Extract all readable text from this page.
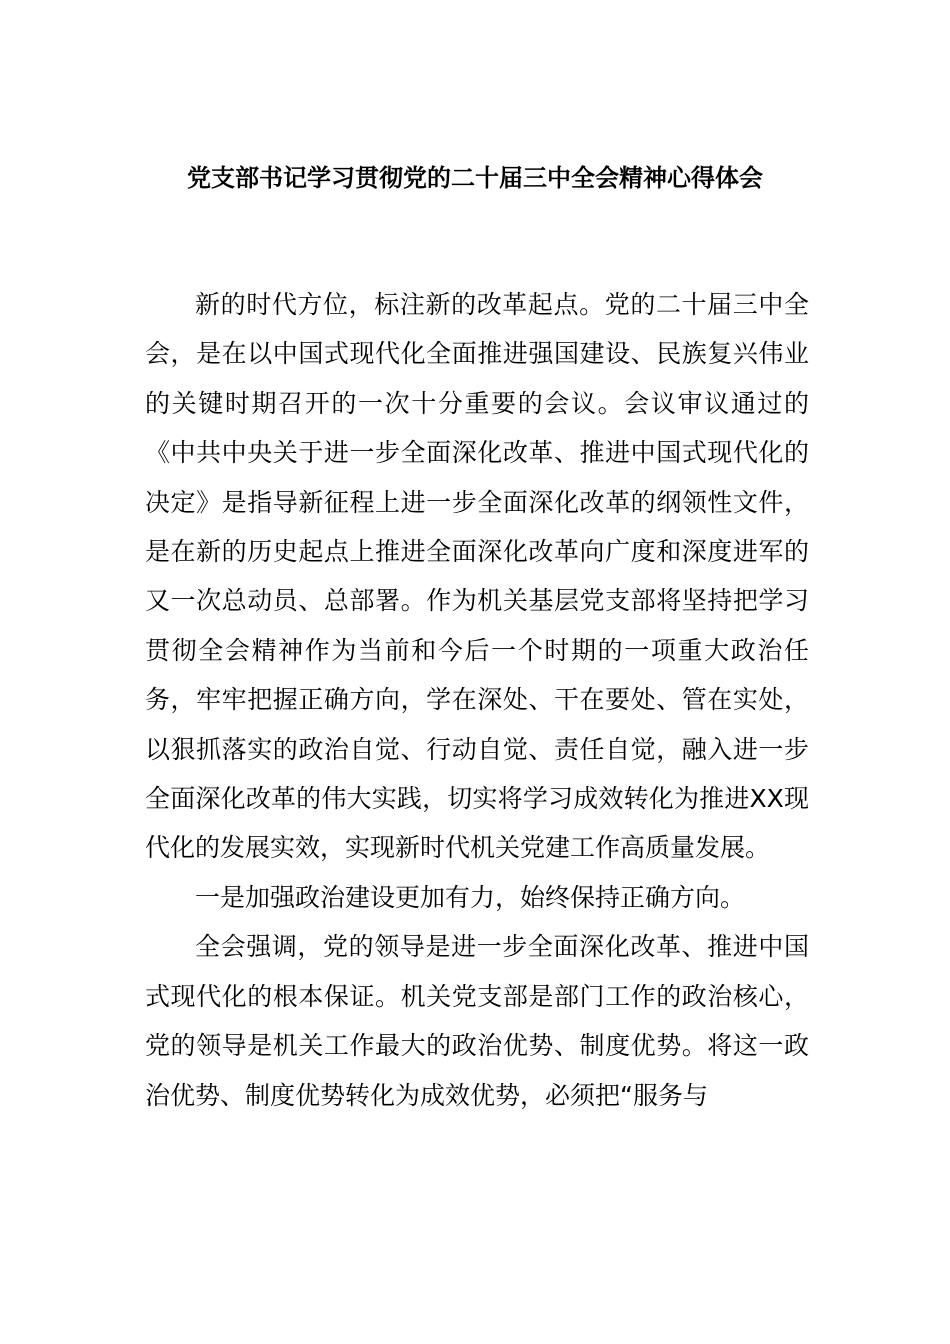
党支部书记学习贯彻党的二十届三中全会精神心得体会

新的时代方位，标注新的改革起点。党的二十届三中全会，是在以中国式现代化全面推进强国建设、民族复兴伟业的关键时期召开的一次十分重要的会议。会议审议通过的《中共中央关于进一步全面深化改革、推进中国式现代化的决定》是指导新征程上进一步全面深化改革的纲领性文件，是在新的历史起点上推进全面深化改革向广度和深度进军的又一次总动员、总部署。作为机关基层党支部将坚持把学习贯彻全会精神作为当前和今后一个时期的一项重大政治任务，牢牢把握正确方向，学在深处、干在要处、管在实处，以狠抓落实的政治自觉、行动自觉、责任自觉，融入进一步全面深化改革的伟大实践，切实将学习成效转化为推进XX现代化的发展实效，实现新时代机关党建工作高质量发展。

一是加强政治建设更加有力，始终保持正确方向。

全会强调，党的领导是进一步全面深化改革、推进中国式现代化的根本保证。机关党支部是部门工作的政治核心，党的领导是机关工作最大的政治优势、制度优势。将这一政治优势、制度优势转化为成效优势，必须把“服务与
